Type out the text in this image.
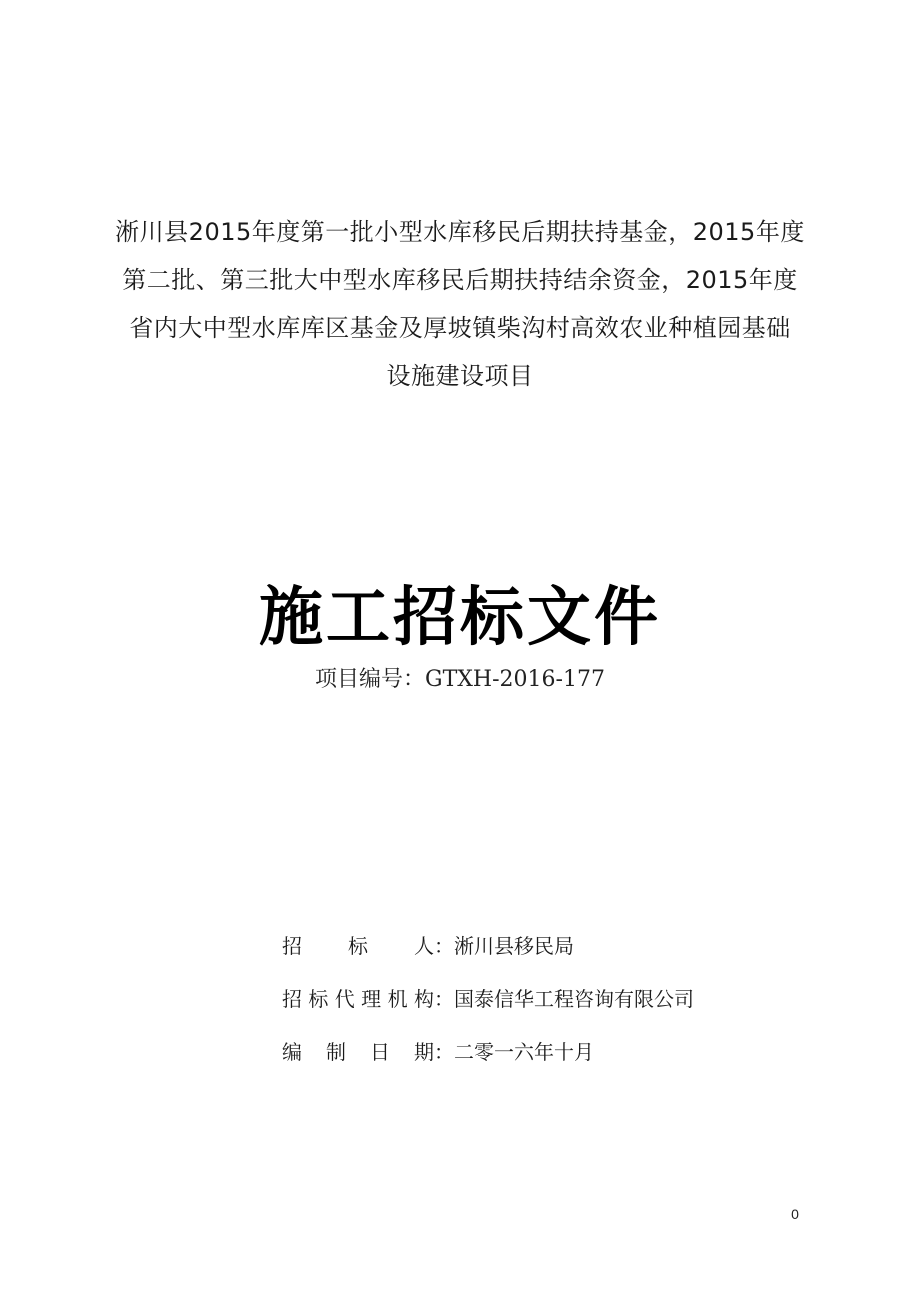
淅川县2015年度第一批小型水库移民后期扶持基金，2015年度
第二批、第三批大中型水库移民后期扶持结余资金，2015年度
省内大中型水库库区基金及厚坡镇柴沟村高效农业种植园基础
设施建设项目
施工招标文件
项目编号：GTXH-2016-177
招 标 人 ： 淅川县移民局
招 标 代 理 机 构 ： 国泰信华工程咨询有限公司
编 制 日 期 ： 二零一六年十月
0
